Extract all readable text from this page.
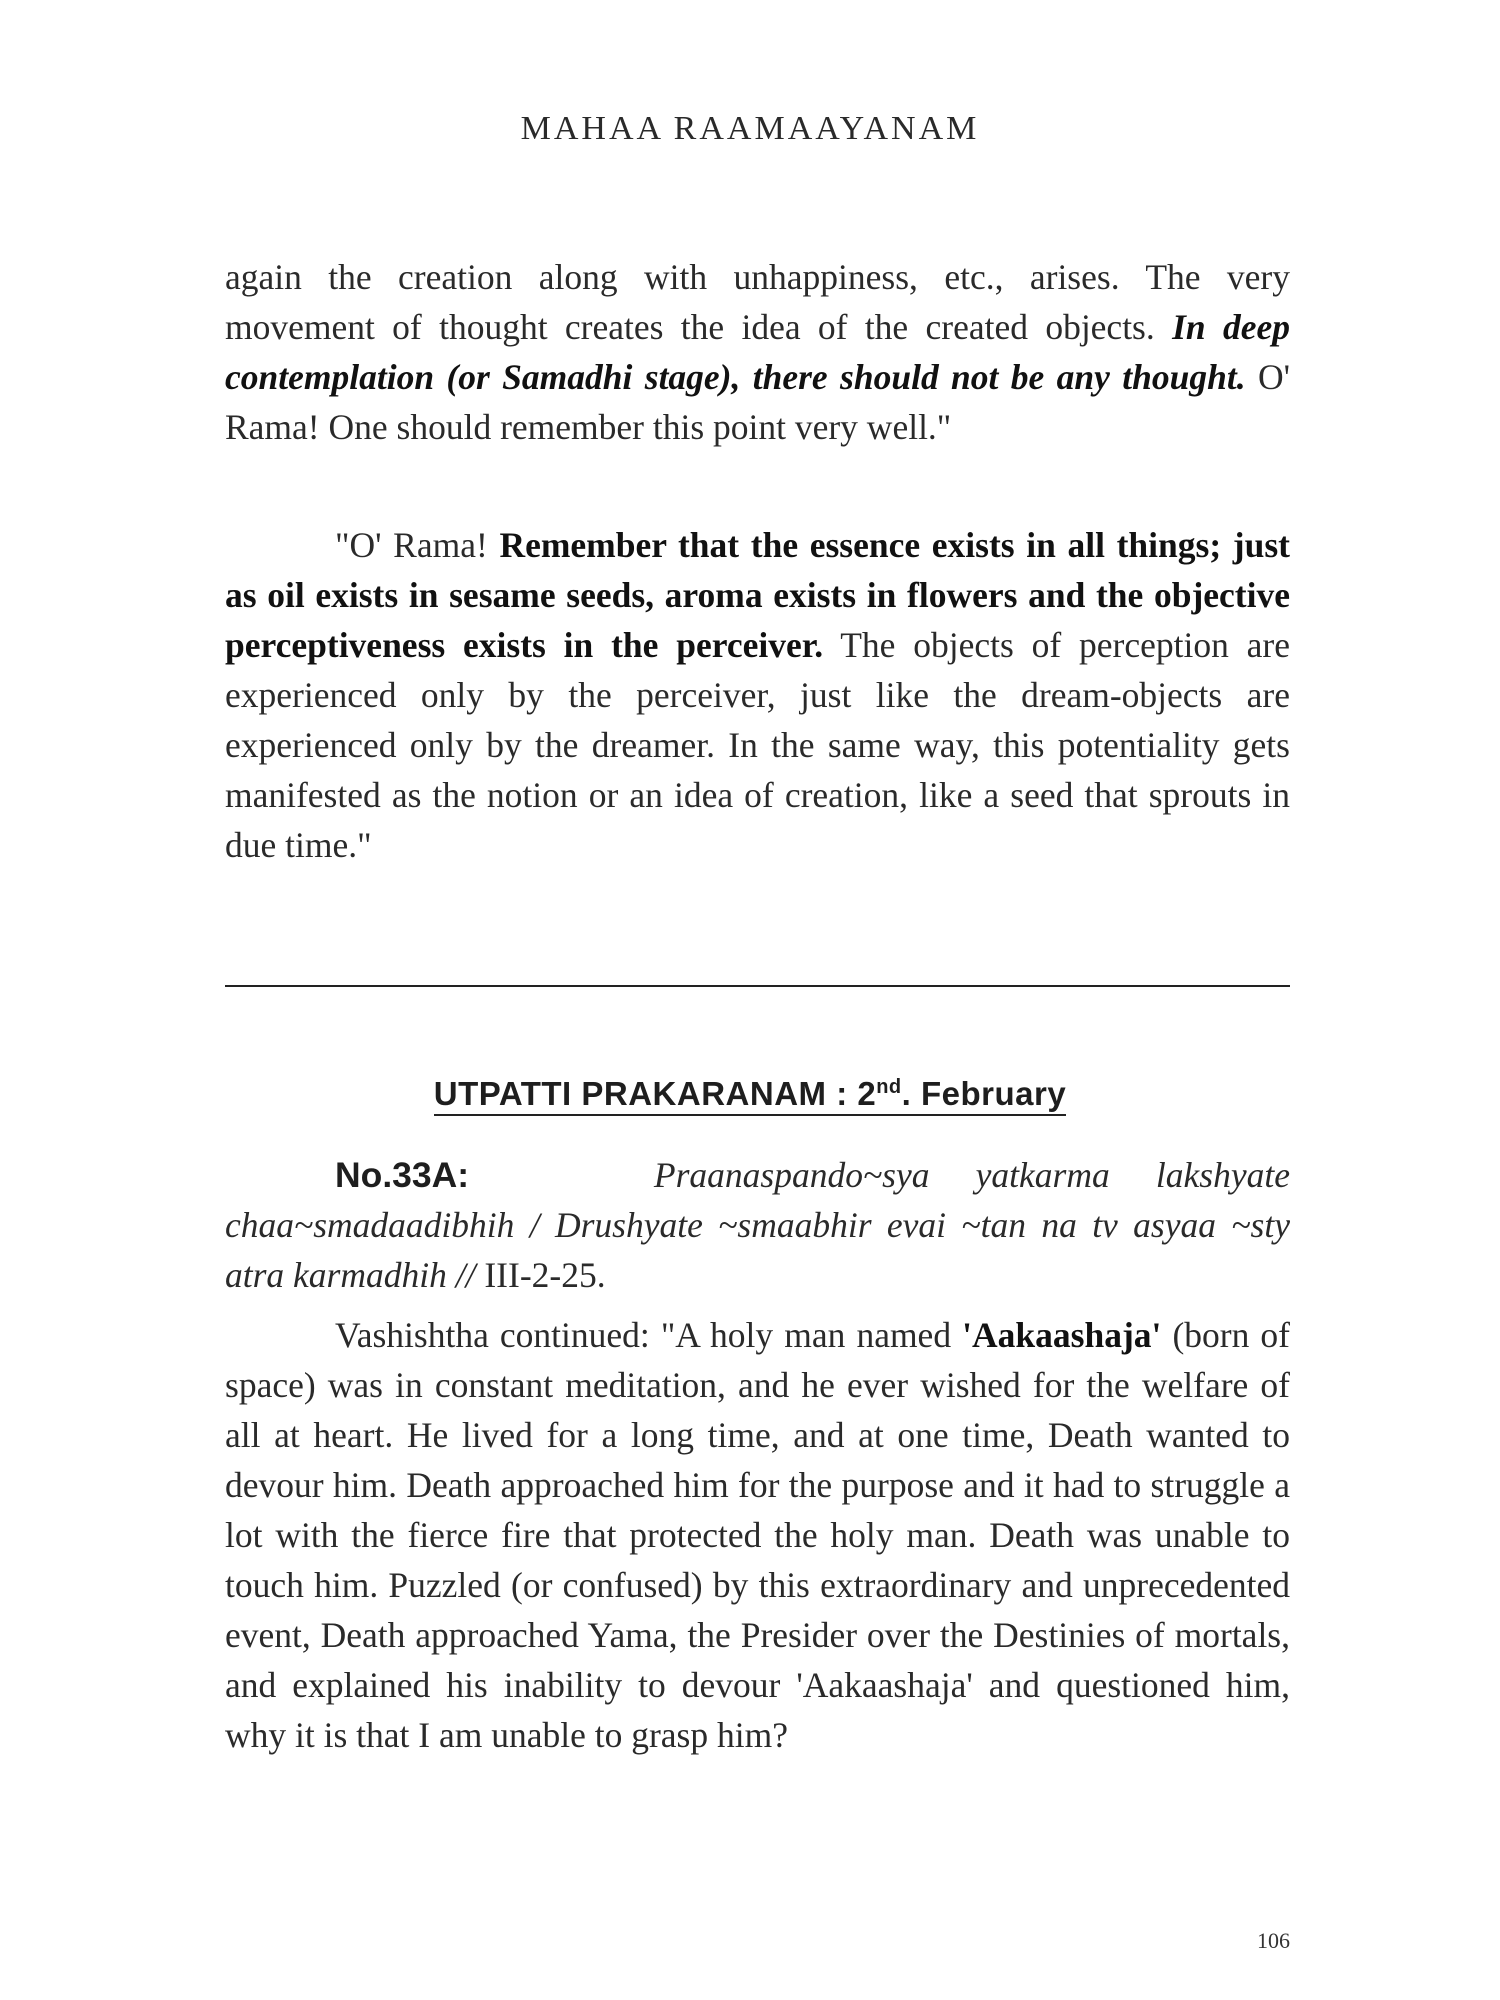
MAHAA RAAMAAYANAM

again the creation along with unhappiness, etc., arises. The very movement of thought creates the idea of the created objects. In deep contemplation (or Samadhi stage), there should not be any thought. O' Rama! One should remember this point very well."

"O' Rama! Remember that the essence exists in all things; just as oil exists in sesame seeds, aroma exists in flowers and the objective perceptiveness exists in the perceiver. The objects of perception are experienced only by the perceiver, just like the dream-objects are experienced only by the dreamer. In the same way, this potentiality gets manifested as the notion or an idea of creation, like a seed that sprouts in due time."

UTPATTI PRAKARANAM : 2nd. February

No.33A:	Praanaspando~sya yatkarma lakshyate chaa~smadaadibhih / Drushyate ~smaabhir evai ~tan na tv asyaa ~sty atra karmadhih // III-2-25.

Vashishtha continued: "A holy man named 'Aakaashaja' (born of space) was in constant meditation, and he ever wished for the welfare of all at heart. He lived for a long time, and at one time, Death wanted to devour him. Death approached him for the purpose and it had to struggle a lot with the fierce fire that protected the holy man. Death was unable to touch him. Puzzled (or confused) by this extraordinary and unprecedented event, Death approached Yama, the Presider over the Destinies of mortals, and explained his inability to devour 'Aakaashaja' and questioned him, why it is that I am unable to grasp him?

106
